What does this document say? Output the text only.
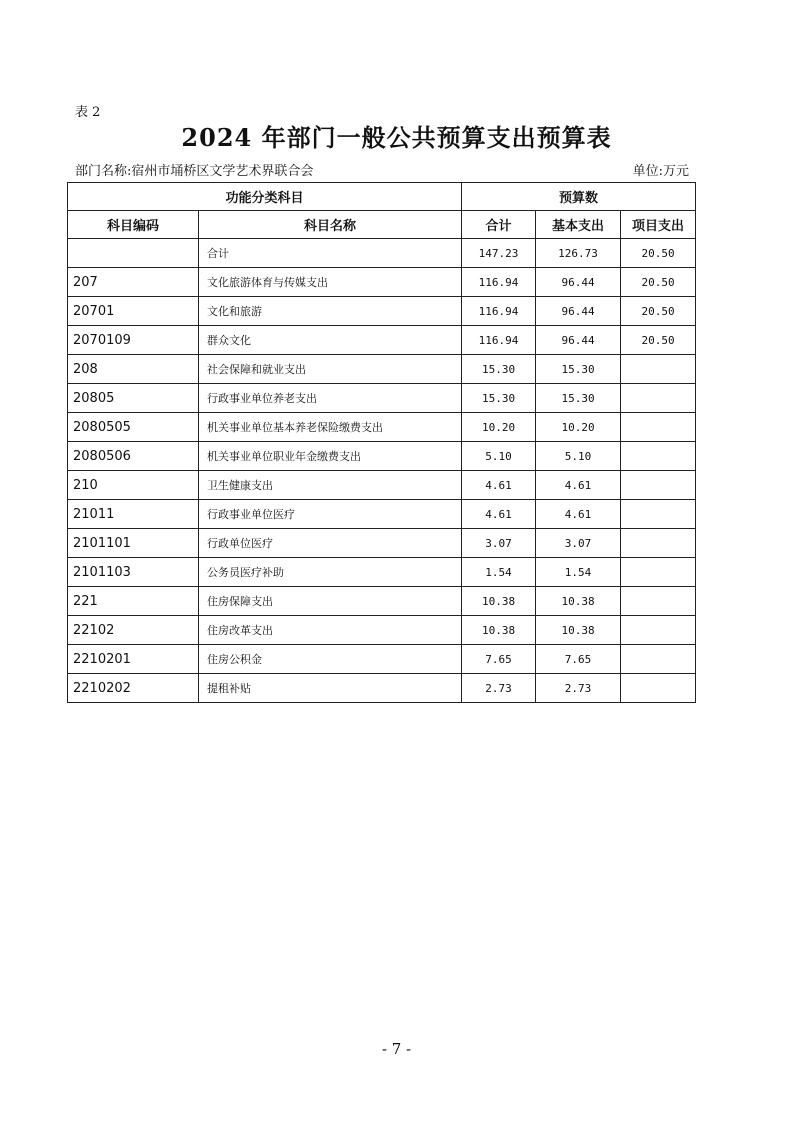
表 2
2024 年部门一般公共预算支出预算表
部门名称:宿州市埇桥区文学艺术界联合会	单位:万元
功能分类科目		预算数		
科目编码	科目名称	合计	基本支出	项目支出
	合计	147.23	126.73	20.50
207	文化旅游体育与传媒支出	116.94	96.44	20.50
20701	文化和旅游	116.94	96.44	20.50
2070109	群众文化	116.94	96.44	20.50
208	社会保障和就业支出	15.30	15.30	
20805	行政事业单位养老支出	15.30	15.30	
2080505	机关事业单位基本养老保险缴费支出	10.20	10.20	
2080506	机关事业单位职业年金缴费支出	5.10	5.10	
210	卫生健康支出	4.61	4.61	
21011	行政事业单位医疗	4.61	4.61	
2101101	行政单位医疗	3.07	3.07	
2101103	公务员医疗补助	1.54	1.54	
221	住房保障支出	10.38	10.38	
22102	住房改革支出	10.38	10.38	
2210201	住房公积金	7.65	7.65	
2210202	提租补贴	2.73	2.73	
- 7 -
